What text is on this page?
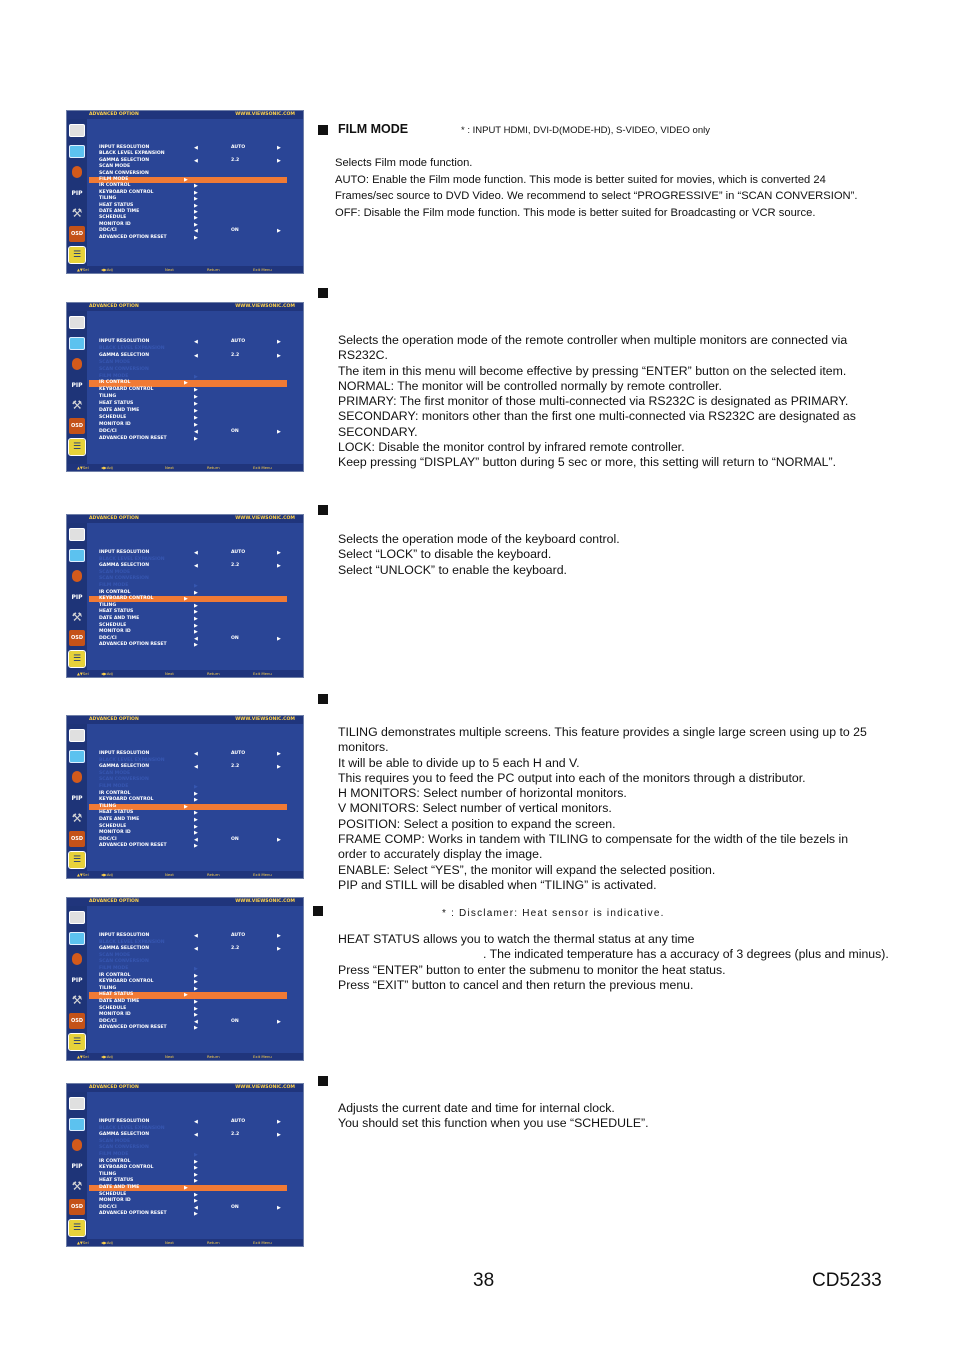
ADVANCED OPTION	WWW.VIEWSONIC.COM
PIP
⚒
OSD
☰
INPUT RESOLUTION	◀	AUTO	▶
BLACK LEVEL EXPANSION
GAMMA SELECTION	◀	2.2	▶
SCAN MODE
SCAN CONVERSION
FILM MODE	▶
IR CONTROL	▶
KEYBOARD CONTROL	▶
TILING	▶
HEAT STATUS	▶
DATE AND TIME	▶
SCHEDULE	▶
MONITOR ID	▶
DDC/CI	◀	ON	▶
ADVANCED OPTION RESET	▶
▲▼ Sel	◀▶ Adj	Next	Return	Exit Menu
ADVANCED OPTION	WWW.VIEWSONIC.COM
PIP
⚒
OSD
☰
INPUT RESOLUTION	◀	AUTO	▶
BLACK LEVEL EXPANSION
GAMMA SELECTION	◀	2.2	▶
SCAN MODE
SCAN CONVERSION
FILM MODE	▶
IR CONTROL	▶
KEYBOARD CONTROL	▶
TILING	▶
HEAT STATUS	▶
DATE AND TIME	▶
SCHEDULE	▶
MONITOR ID	▶
DDC/CI	◀	ON	▶
ADVANCED OPTION RESET	▶
▲▼ Sel	◀▶ Adj	Next	Return	Exit Menu
ADVANCED OPTION	WWW.VIEWSONIC.COM
PIP
⚒
OSD
☰
INPUT RESOLUTION	◀	AUTO	▶
BLACK LEVEL EXPANSION
GAMMA SELECTION	◀	2.2	▶
SCAN MODE
SCAN CONVERSION
FILM MODE	▶
IR CONTROL	▶
KEYBOARD CONTROL	▶
TILING	▶
HEAT STATUS	▶
DATE AND TIME	▶
SCHEDULE	▶
MONITOR ID	▶
DDC/CI	◀	ON	▶
ADVANCED OPTION RESET	▶
▲▼ Sel	◀▶ Adj	Next	Return	Exit Menu
ADVANCED OPTION	WWW.VIEWSONIC.COM
PIP
⚒
OSD
☰
INPUT RESOLUTION	◀	AUTO	▶
BLACK LEVEL EXPANSION
GAMMA SELECTION	◀	2.2	▶
SCAN MODE
SCAN CONVERSION
FILM MODE	▶
IR CONTROL	▶
KEYBOARD CONTROL	▶
TILING	▶
HEAT STATUS	▶
DATE AND TIME	▶
SCHEDULE	▶
MONITOR ID	▶
DDC/CI	◀	ON	▶
ADVANCED OPTION RESET	▶
▲▼ Sel	◀▶ Adj	Next	Return	Exit Menu
ADVANCED OPTION	WWW.VIEWSONIC.COM
PIP
⚒
OSD
☰
INPUT RESOLUTION	◀	AUTO	▶
BLACK LEVEL EXPANSION
GAMMA SELECTION	◀	2.2	▶
SCAN MODE
SCAN CONVERSION
FILM MODE	▶
IR CONTROL	▶
KEYBOARD CONTROL	▶
TILING	▶
HEAT STATUS	▶
DATE AND TIME	▶
SCHEDULE	▶
MONITOR ID	▶
DDC/CI	◀	ON	▶
ADVANCED OPTION RESET	▶
▲▼ Sel	◀▶ Adj	Next	Return	Exit Menu
ADVANCED OPTION	WWW.VIEWSONIC.COM
PIP
⚒
OSD
☰
INPUT RESOLUTION	◀	AUTO	▶
BLACK LEVEL EXPANSION
GAMMA SELECTION	◀	2.2	▶
SCAN MODE
SCAN CONVERSION
FILM MODE	▶
IR CONTROL	▶
KEYBOARD CONTROL	▶
TILING	▶
HEAT STATUS	▶
DATE AND TIME	▶
SCHEDULE	▶
MONITOR ID	▶
DDC/CI	◀	ON	▶
ADVANCED OPTION RESET	▶
▲▼ Sel	◀▶ Adj	Next	Return	Exit Menu
FILM MODE	* : INPUT HDMI, DVI-D(MODE-HD), S-VIDEO, VIDEO only

Selects Film mode function.

AUTO: Enable the Film mode function. This mode is better suited for movies, which is converted 24

Frames/sec source to DVD Video. We recommend to select “PROGRESSIVE” in “SCAN CONVERSION”.

OFF: Disable the Film mode function. This mode is better suited for Broadcasting or VCR source.

Selects the operation mode of the remote controller when multiple monitors are connected via

RS232C.

The item in this menu will become effective by pressing “ENTER” button on the selected item.

NORMAL: The monitor will be controlled normally by remote controller.

PRIMARY: The first monitor of those multi-connected via RS232C is designated as PRIMARY.

SECONDARY: monitors other than the first one multi-connected via RS232C are designated as

SECONDARY.

LOCK: Disable the monitor control by infrared remote controller.

Keep pressing “DISPLAY” button during 5 sec or more, this setting will return to “NORMAL”.

Selects the operation mode of the keyboard control.

Select “LOCK” to disable the keyboard.

Select “UNLOCK” to enable the keyboard.

TILING demonstrates multiple screens. This feature provides a single large screen using up to 25

monitors.

It will be able to divide up to 5 each H and V.

This requires you to feed the PC output into each of the monitors through a distributor.

H MONITORS: Select number of horizontal monitors.

V MONITORS: Select number of vertical monitors.

POSITION: Select a position to expand the screen.

FRAME COMP: Works in tandem with TILING to compensate for the width of the tile bezels in

order to accurately display the image.

ENABLE: Select “YES”, the monitor will expand the selected position.

PIP and STILL will be disabled when “TILING” is activated.

* : Disclamer: Heat sensor is indicative.

HEAT STATUS allows you to watch the thermal status at any time

. The indicated temperature has a accuracy of 3 degrees (plus and minus).

Press “ENTER” button to enter the submenu to monitor the heat status.

Press “EXIT” button to cancel and then return the previous menu.

Adjusts the current date and time for internal clock.

You should set this function when you use “SCHEDULE”.

38	CD5233
